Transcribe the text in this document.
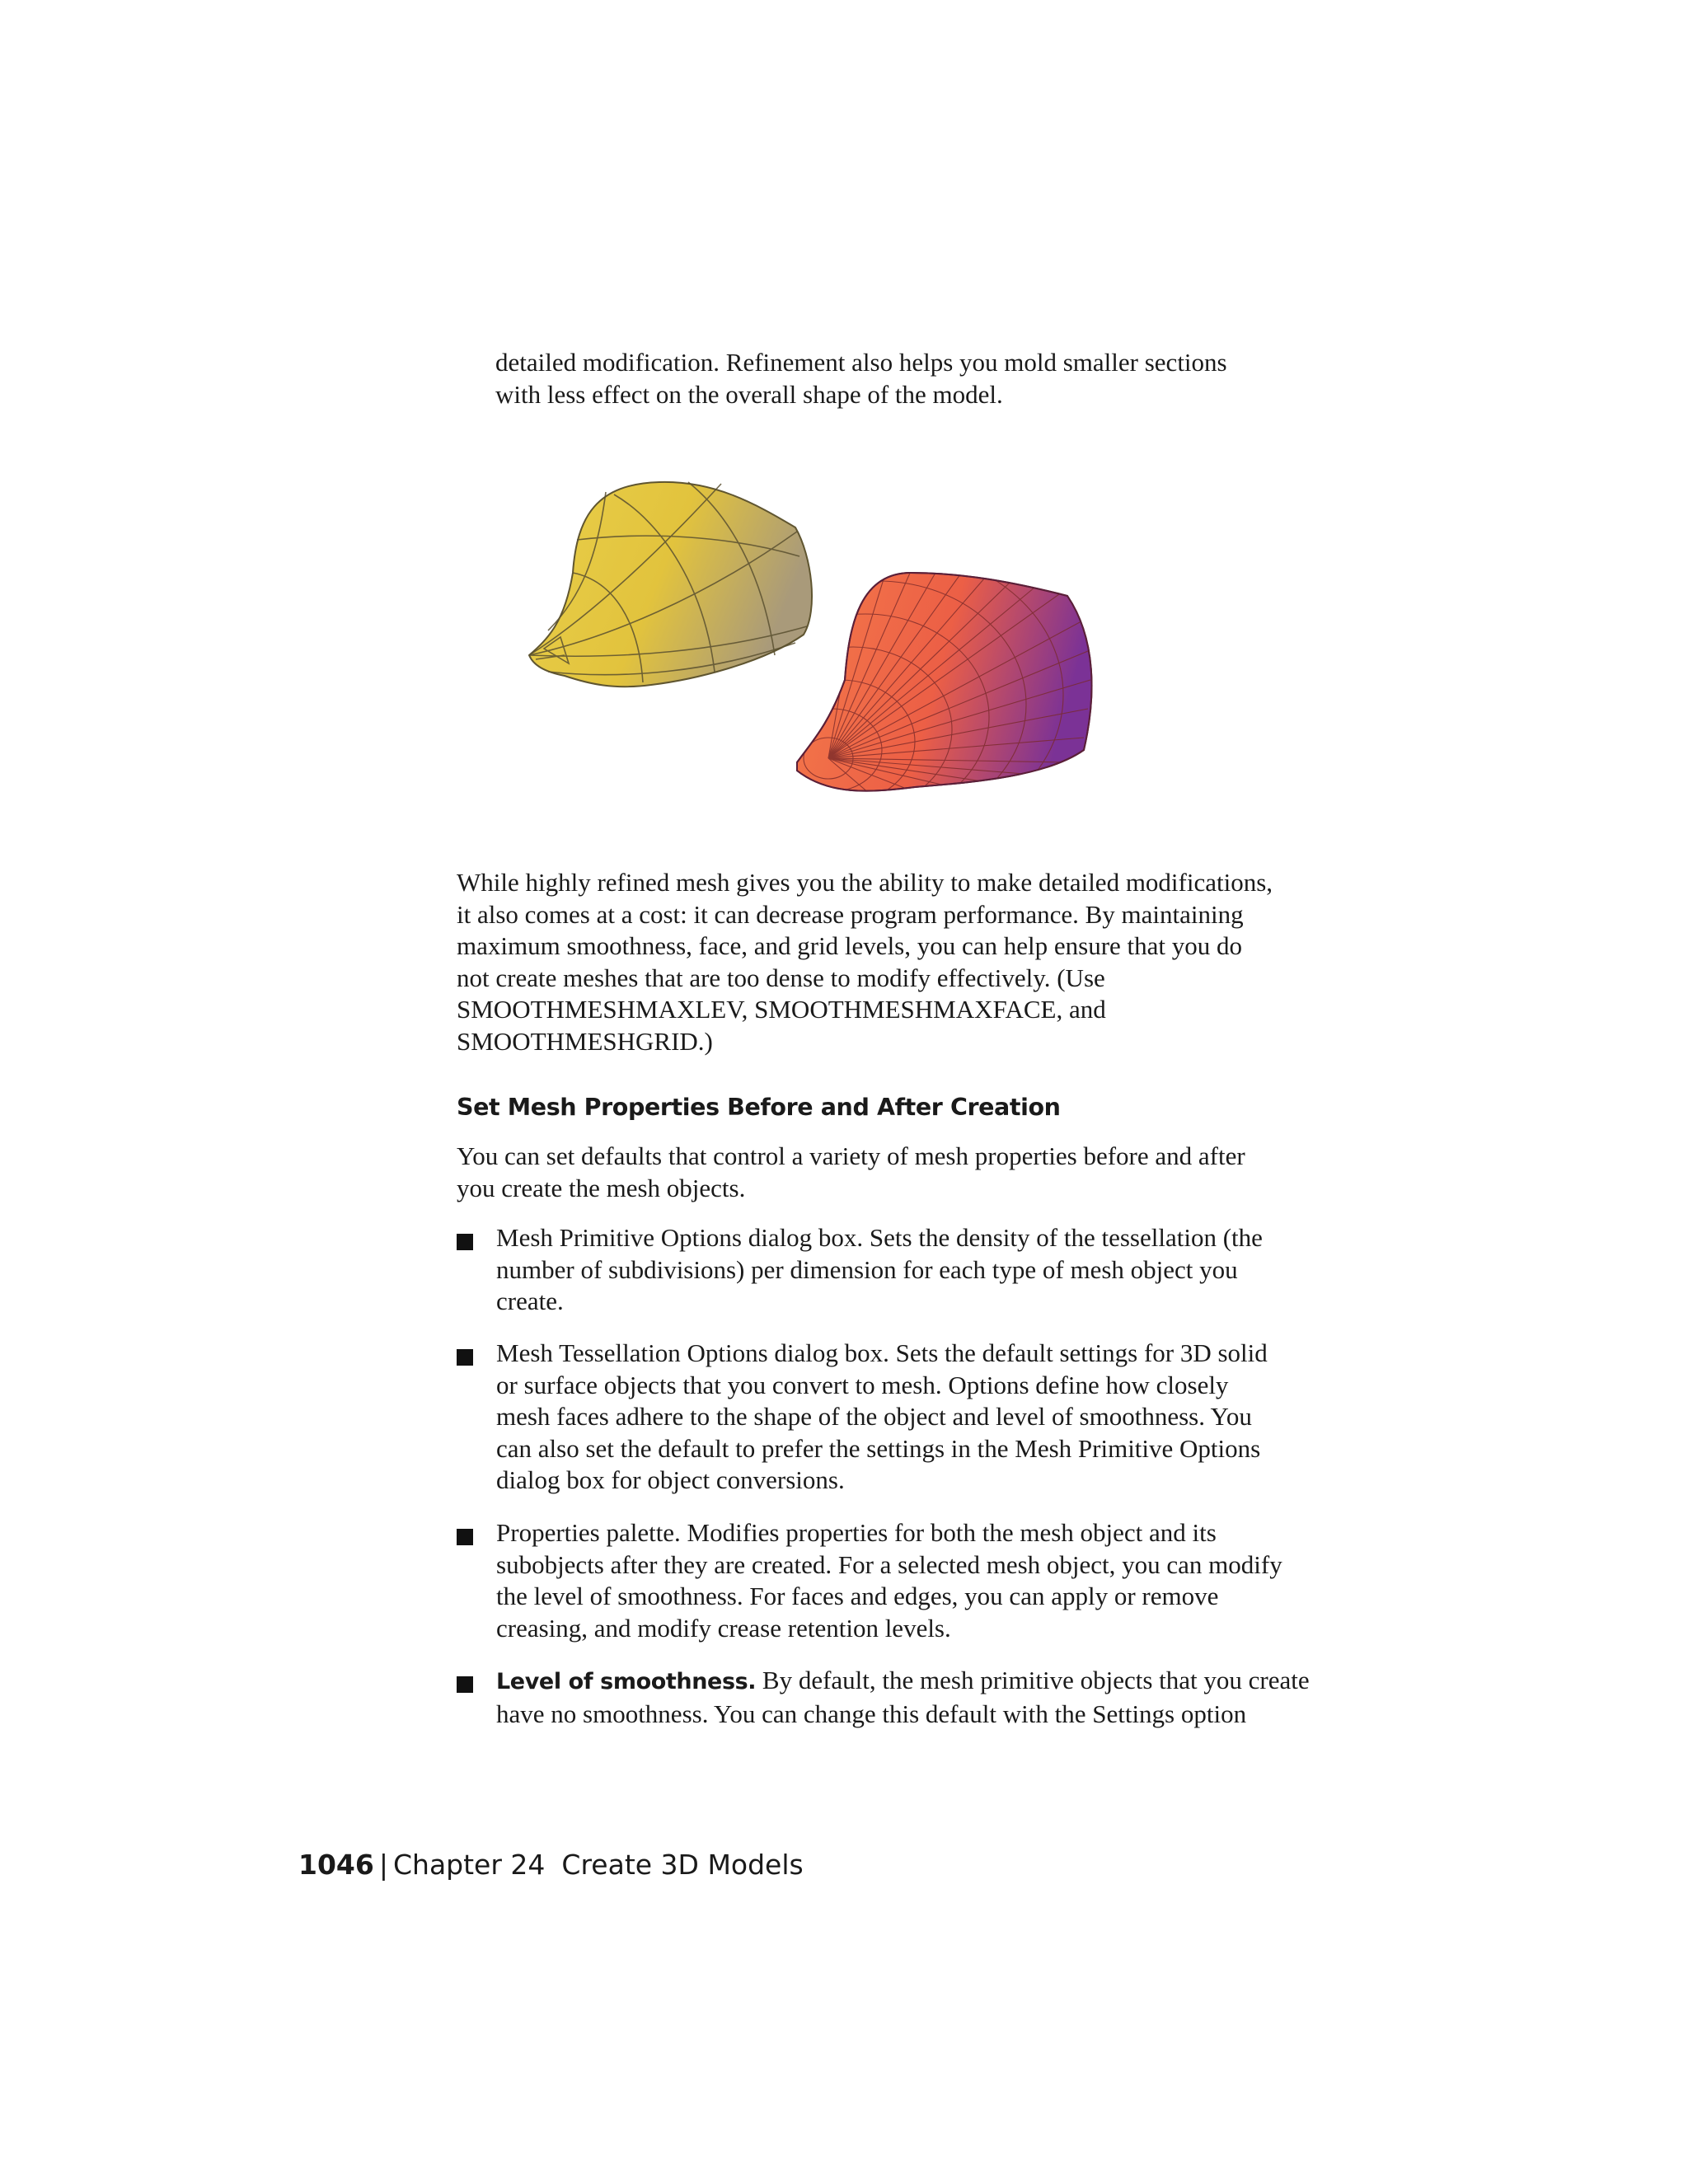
detailed modification. Refinement also helps you mold smaller sections
with less effect on the overall shape of the model.
While highly refined mesh gives you the ability to make detailed modifications,
it also comes at a cost: it can decrease program performance. By maintaining
maximum smoothness, face, and grid levels, you can help ensure that you do
not create meshes that are too dense to modify effectively. (Use
SMOOTHMESHMAXLEV, SMOOTHMESHMAXFACE, and
SMOOTHMESHGRID.)
Set Mesh Properties Before and After Creation
You can set defaults that control a variety of mesh properties before and after
you create the mesh objects.
Mesh Primitive Options dialog box. Sets the density of the tessellation (the
number of subdivisions) per dimension for each type of mesh object you
create.
Mesh Tessellation Options dialog box. Sets the default settings for 3D solid
or surface objects that you convert to mesh. Options define how closely
mesh faces adhere to the shape of the object and level of smoothness. You
can also set the default to prefer the settings in the Mesh Primitive Options
dialog box for object conversions.
Properties palette. Modifies properties for both the mesh object and its
subobjects after they are created. For a selected mesh object, you can modify
the level of smoothness. For faces and edges, you can apply or remove
creasing, and modify crease retention levels.
Level of smoothness. By default, the mesh primitive objects that you create
have no smoothness. You can change this default with the Settings option
1046 | Chapter 24 Create 3D Models
